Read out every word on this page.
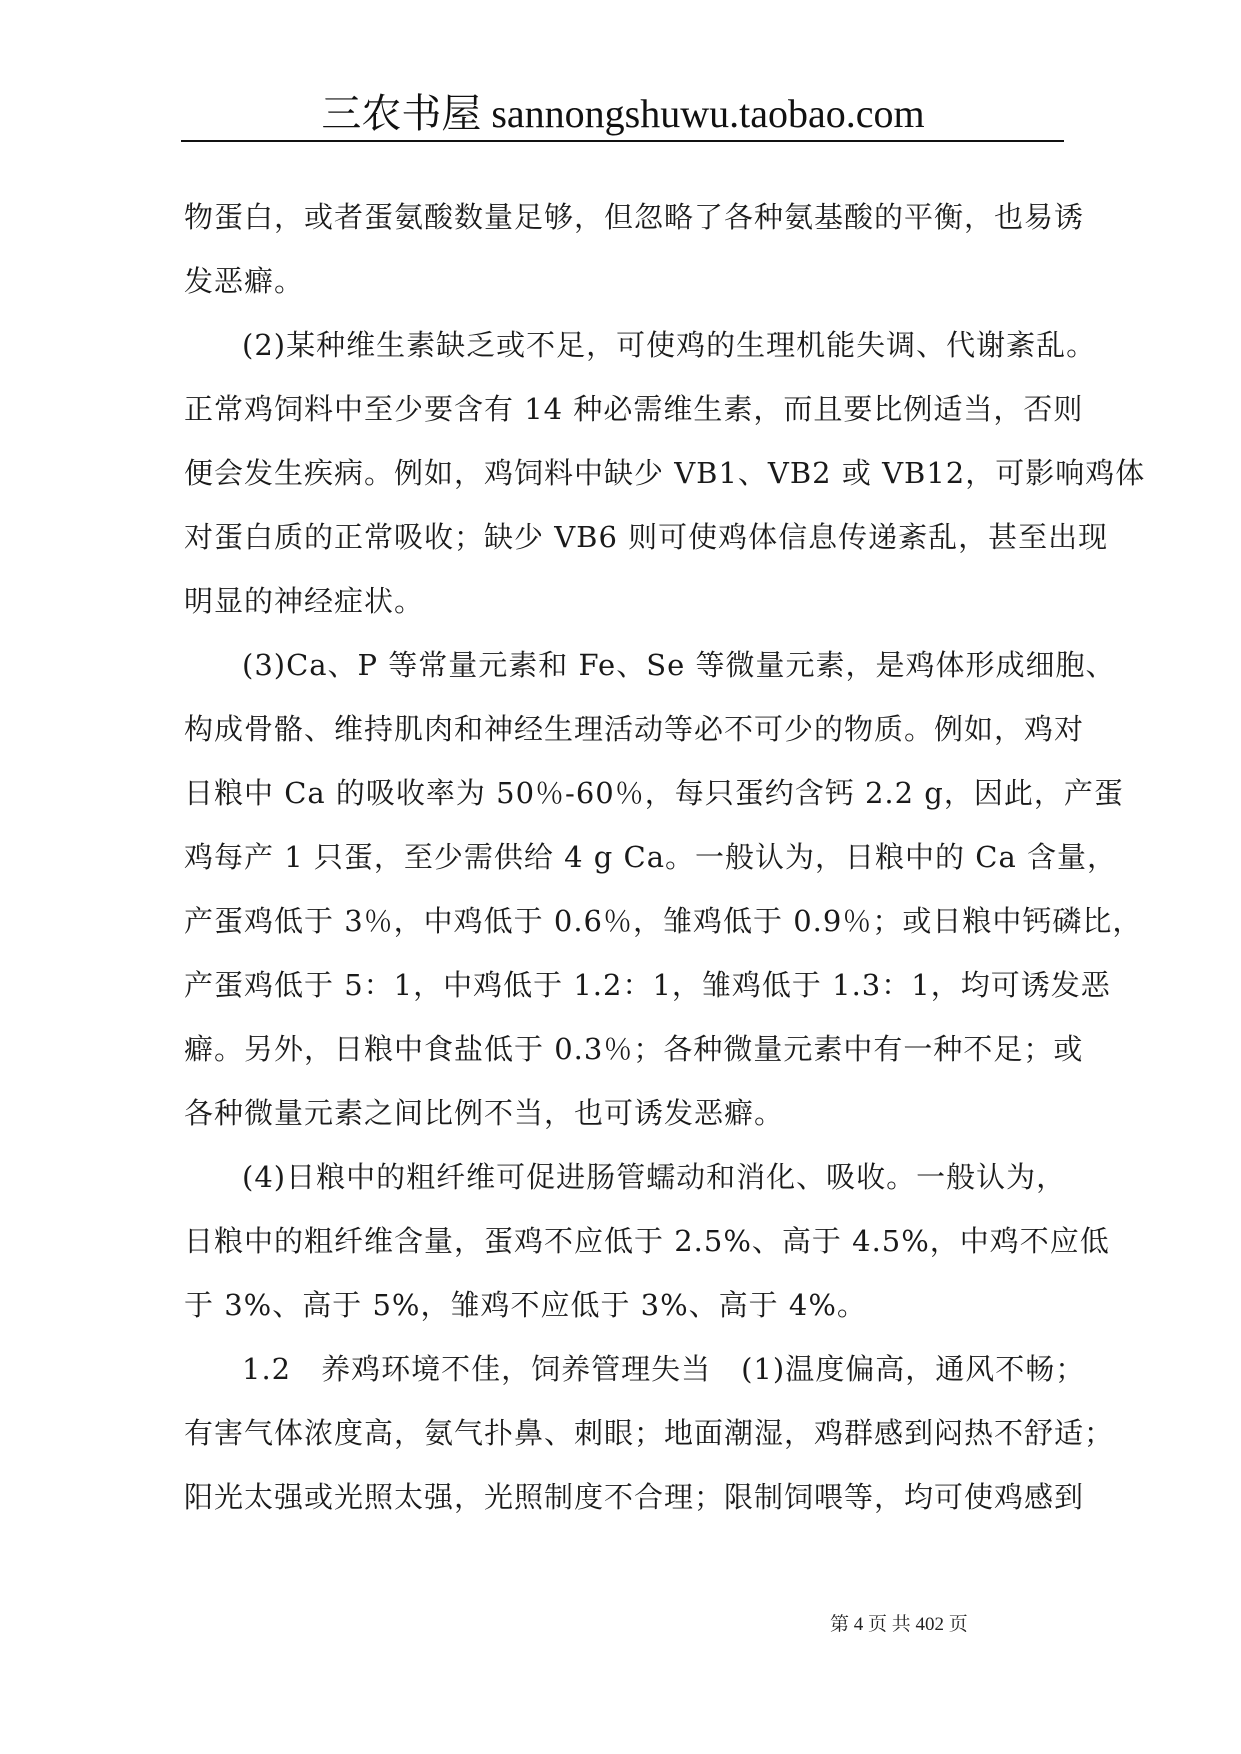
三农书屋 sannongshuwu.taobao.com
物蛋白，或者蛋氨酸数量足够，但忽略了各种氨基酸的平衡，也易诱
发恶癖。
(2)某种维生素缺乏或不足，可使鸡的生理机能失调、代谢紊乱。
正常鸡饲料中至少要含有 14 种必需维生素，而且要比例适当，否则
便会发生疾病。例如，鸡饲料中缺少 VB1、VB2 或 VB12，可影响鸡体
对蛋白质的正常吸收；缺少 VB6 则可使鸡体信息传递紊乱，甚至出现
明显的神经症状。
(3)Ca、P 等常量元素和 Fe、Se 等微量元素，是鸡体形成细胞、
构成骨骼、维持肌肉和神经生理活动等必不可少的物质。例如，鸡对
日粮中 Ca 的吸收率为 50％-60％，每只蛋约含钙 2.2 g，因此，产蛋
鸡每产 1 只蛋，至少需供给 4 g Ca。一般认为，日粮中的 Ca 含量，
产蛋鸡低于 3％，中鸡低于 0.6％，雏鸡低于 0.9％；或日粮中钙磷比，
产蛋鸡低于 5：1，中鸡低于 1.2：1，雏鸡低于 1.3：1，均可诱发恶
癖。另外，日粮中食盐低于 0.3％；各种微量元素中有一种不足；或
各种微量元素之间比例不当，也可诱发恶癖。
(4)日粮中的粗纤维可促进肠管蠕动和消化、吸收。一般认为，
日粮中的粗纤维含量，蛋鸡不应低于 2.5%、高于 4.5%，中鸡不应低
于 3%、高于 5%，雏鸡不应低于 3%、高于 4%。
1.2　养鸡环境不佳，饲养管理失当　(1)温度偏高，通风不畅；
有害气体浓度高，氨气扑鼻、刺眼；地面潮湿，鸡群感到闷热不舒适；
阳光太强或光照太强，光照制度不合理；限制饲喂等，均可使鸡感到
第 4 页 共 402 页
